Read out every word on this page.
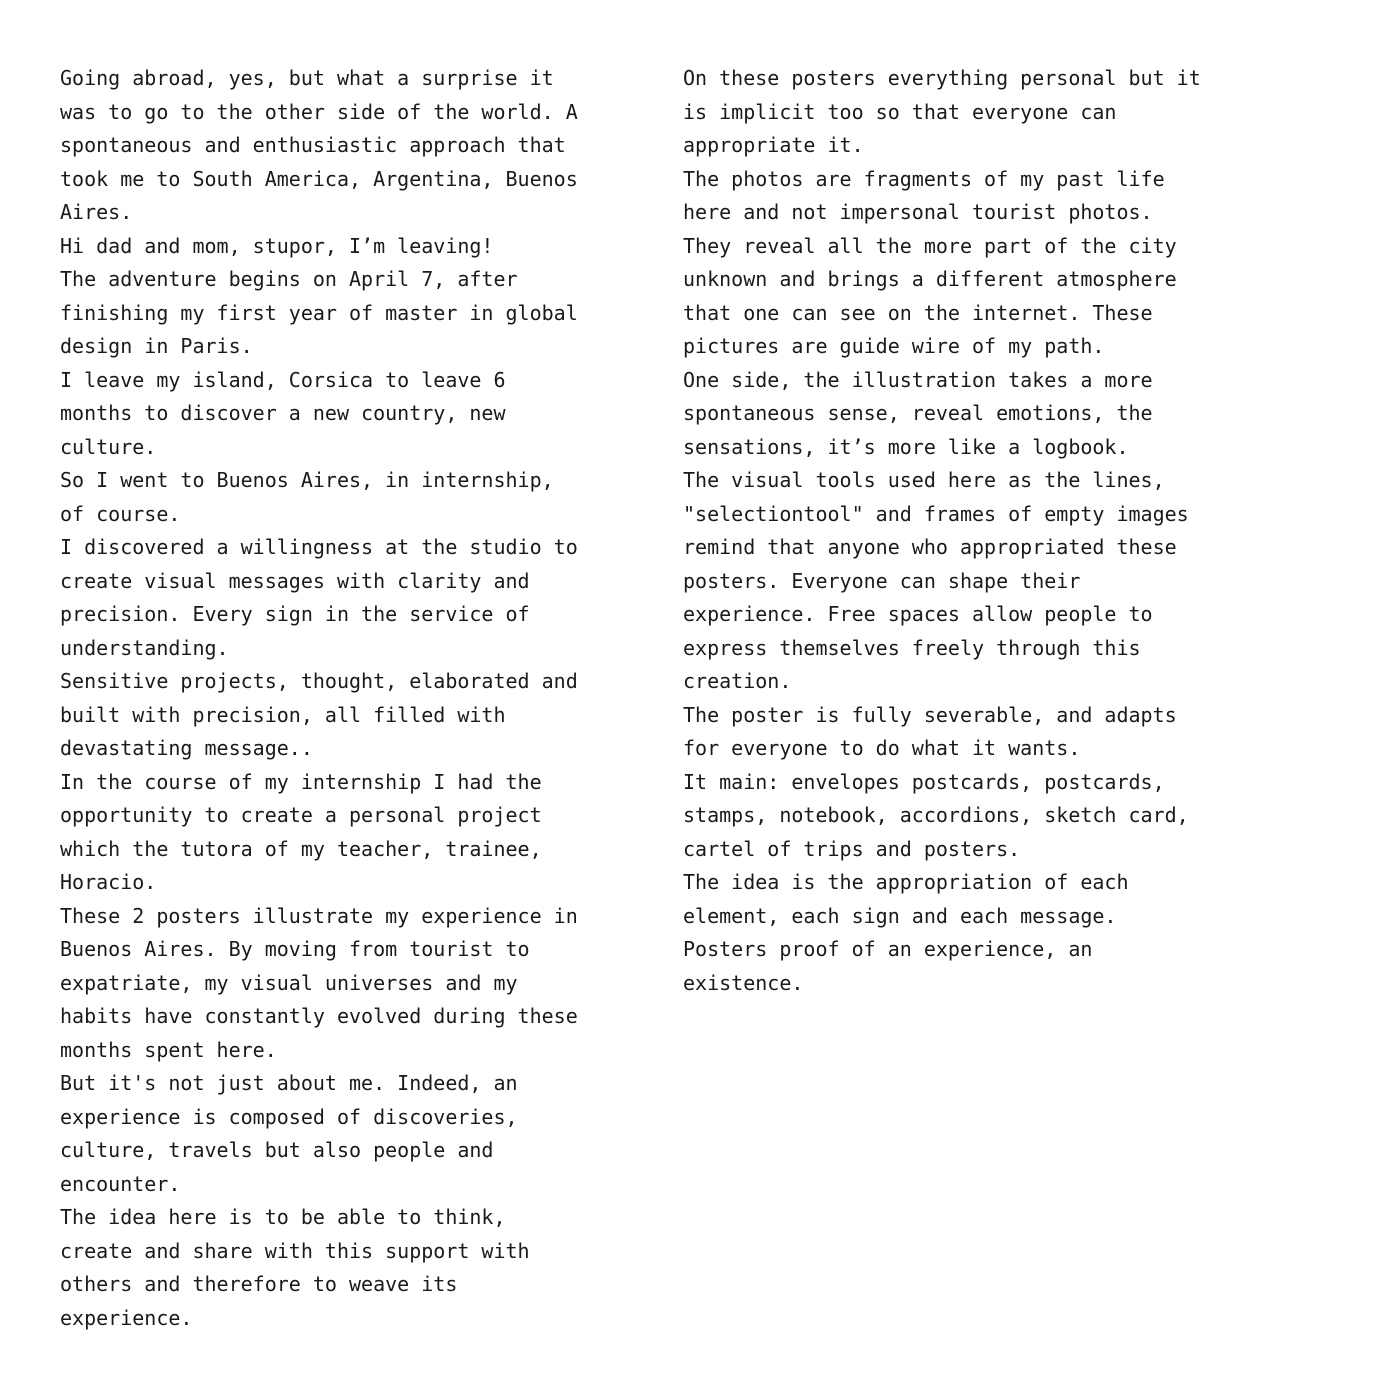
Going abroad, yes, but what a surprise it
was to go to the other side of the world. A
spontaneous and enthusiastic approach that
took me to South America, Argentina, Buenos
Aires.
Hi dad and mom, stupor, I’m leaving!
The adventure begins on April 7, after
finishing my first year of master in global
design in Paris.
I leave my island, Corsica to leave 6
months to discover a new country, new
culture.
So I went to Buenos Aires, in internship,
of course.
I discovered a willingness at the studio to
create visual messages with clarity and
precision. Every sign in the service of
understanding.
Sensitive projects, thought, elaborated and
built with precision, all filled with
devastating message..
In the course of my internship I had the
opportunity to create a personal project
which the tutora of my teacher, trainee,
Horacio.
These 2 posters illustrate my experience in
Buenos Aires. By moving from tourist to
expatriate, my visual universes and my
habits have constantly evolved during these
months spent here.
But it's not just about me. Indeed, an
experience is composed of discoveries,
culture, travels but also people and
encounter.
The idea here is to be able to think,
create and share with this support with
others and therefore to weave its
experience.
On these posters everything personal but it
is implicit too so that everyone can
appropriate it.
The photos are fragments of my past life
here and not impersonal tourist photos.
They reveal all the more part of the city
unknown and brings a different atmosphere
that one can see on the internet. These
pictures are guide wire of my path.
One side, the illustration takes a more
spontaneous sense, reveal emotions, the
sensations, it’s more like a logbook.
The visual tools used here as the lines,
"selectiontool" and frames of empty images
remind that anyone who appropriated these
posters. Everyone can shape their
experience. Free spaces allow people to
express themselves freely through this
creation.
The poster is fully severable, and adapts
for everyone to do what it wants.
It main: envelopes postcards, postcards,
stamps, notebook, accordions, sketch card,
cartel of trips and posters.
The idea is the appropriation of each
element, each sign and each message.
Posters proof of an experience, an
existence.
